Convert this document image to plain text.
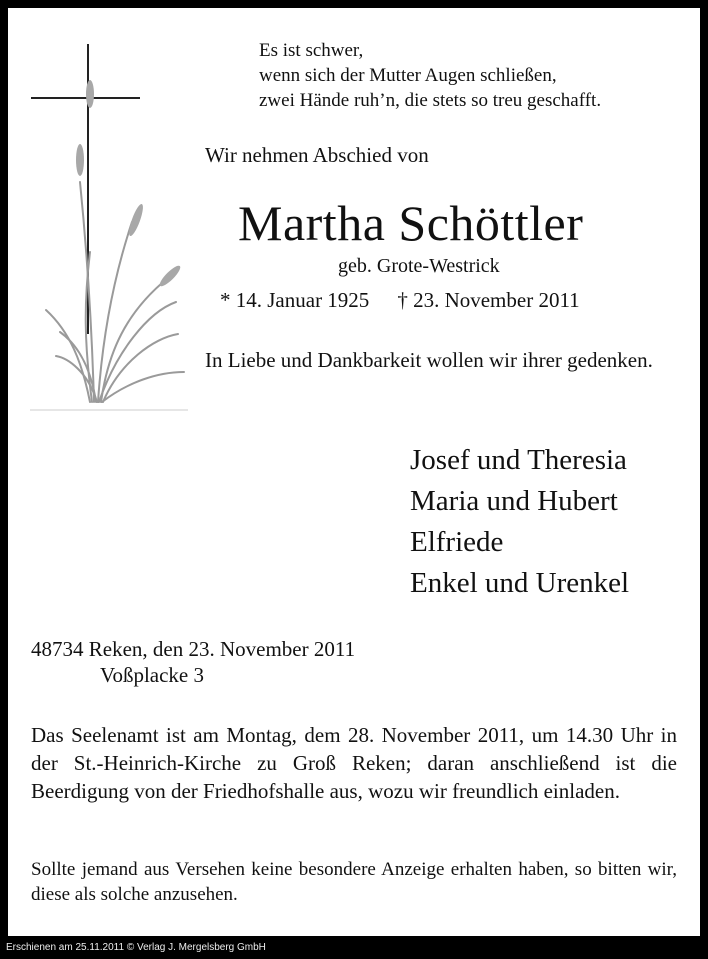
Es ist schwer,
wenn sich der Mutter Augen schließen,
zwei Hände ruh’n, die stets so treu geschafft.
Wir nehmen Abschied von
Martha Schöttler
geb. Grote-Westrick
* 14. Januar 1925 † 23. November 2011
In Liebe und Dankbarkeit wollen wir ihrer gedenken.
Josef und Theresia
Maria und Hubert
Elfriede
Enkel und Urenkel
48734 Reken, den 23. November 2011
Voßplacke 3
Das Seelenamt ist am Montag, dem 28. November 2011, um 14.30 Uhr in der St.-Heinrich-Kirche zu Groß Reken; daran anschließend ist die Beerdigung von der Friedhofshalle aus, wozu wir freundlich einladen.
Sollte jemand aus Versehen keine besondere Anzeige erhalten haben, so bitten wir, diese als solche anzusehen.
Erschienen am 25.11.2011 © Verlag J. Mergelsberg GmbH
